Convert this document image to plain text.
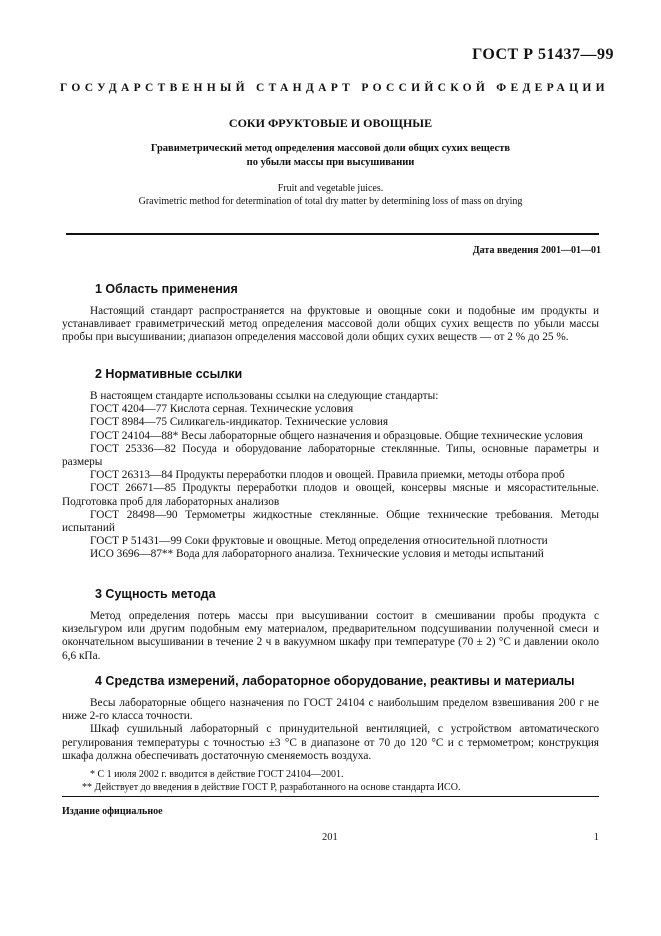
ГОСТ Р 51437—99
ГОСУДАРСТВЕННЫЙ СТАНДАРТ РОССИЙСКОЙ ФЕДЕРАЦИИ
СОКИ ФРУКТОВЫЕ И ОВОЩНЫЕ
Гравиметрический метод определения массовой доли общих сухих веществ
по убыли массы при высушивании
Fruit and vegetable juices.
Gravimetric method for determination of total dry matter by determining loss of mass on drying
Дата введения 2001—01—01
1 Область применения

Настоящий стандарт распространяется на фруктовые и овощные соки и подобные им продукты и устанавливает гравиметрический метод определения массовой доли общих сухих веществ по убыли массы пробы при высушивании; диапазон определения массовой доли общих сухих веществ — от 2 % до 25 %.

2 Нормативные ссылки

В настоящем стандарте использованы ссылки на следующие стандарты:

ГОСТ 4204—77 Кислота серная. Технические условия

ГОСТ 8984—75 Силикагель-индикатор. Технические условия

ГОСТ 24104—88* Весы лабораторные общего назначения и образцовые. Общие технические условия

ГОСТ 25336—82 Посуда и оборудование лабораторные стеклянные. Типы, основные параметры и размеры

ГОСТ 26313—84 Продукты переработки плодов и овощей. Правила приемки, методы отбора проб

ГОСТ 26671—85 Продукты переработки плодов и овощей, консервы мясные и мясорастительные. Подготовка проб для лабораторных анализов

ГОСТ 28498—90 Термометры жидкостные стеклянные. Общие технические требования. Методы испытаний

ГОСТ Р 51431—99 Соки фруктовые и овощные. Метод определения относительной плотности

ИСО 3696—87** Вода для лабораторного анализа. Технические условия и методы испытаний

3 Сущность метода

Метод определения потерь массы при высушивании состоит в смешивании пробы продукта с кизельгуром или другим подобным ему материалом, предварительном подсушивании полученной смеси и окончательном высушивании в течение 2 ч в вакуумном шкафу при температуре (70 ± 2) °С и давлении около 6,6 кПа.

4 Средства измерений, лабораторное оборудование, реактивы и материалы

Весы лабораторные общего назначения по ГОСТ 24104 с наибольшим пределом взвешивания 200 г не ниже 2-го класса точности.

Шкаф сушильный лабораторный с принудительной вентиляцией, с устройством автоматического регулирования температуры с точностью ±3 °С в диапазоне от 70 до 120 °С и с термометром; конструкция шкафа должна обеспечивать достаточную сменяемость воздуха.

* С 1 июля 2002 г. вводится в действие ГОСТ 24104—2001.

** Действует до введения в действие ГОСТ Р, разработанного на основе стандарта ИСО.

Издание официальное
201	1
